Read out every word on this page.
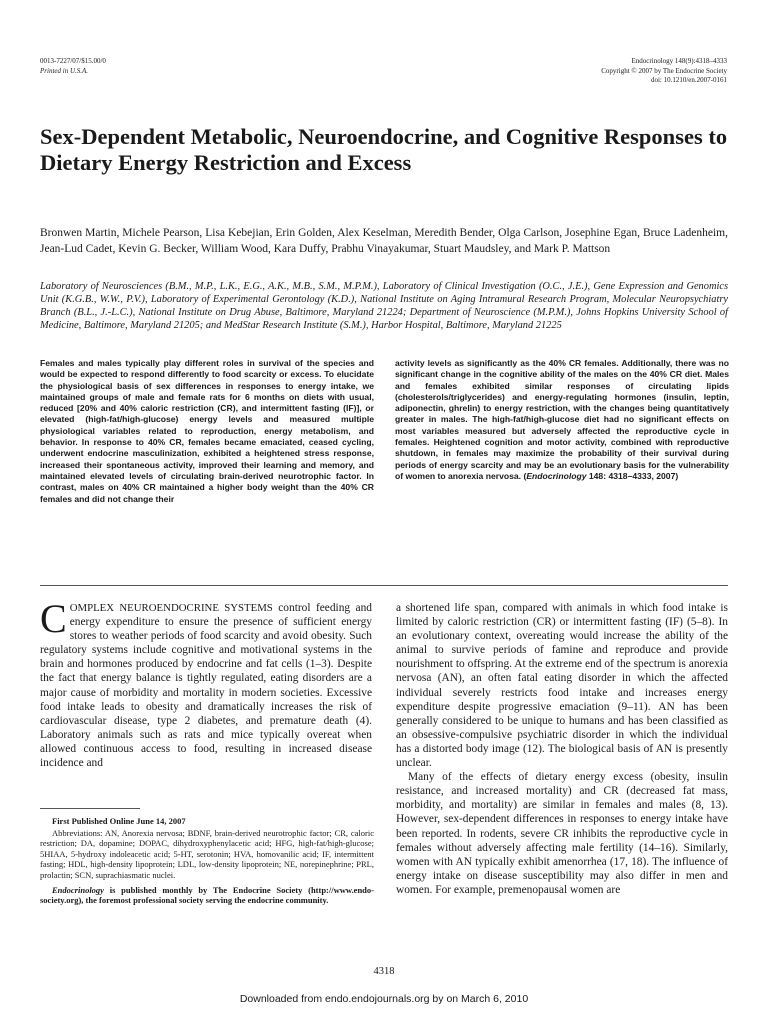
0013-7227/07/$15.00/0
Printed in U.S.A.
Endocrinology 148(9):4318–4333
Copyright © 2007 by The Endocrine Society
doi: 10.1210/en.2007-0161
Sex-Dependent Metabolic, Neuroendocrine, and Cognitive Responses to Dietary Energy Restriction and Excess
Bronwen Martin, Michele Pearson, Lisa Kebejian, Erin Golden, Alex Keselman, Meredith Bender, Olga Carlson, Josephine Egan, Bruce Ladenheim, Jean-Lud Cadet, Kevin G. Becker, William Wood, Kara Duffy, Prabhu Vinayakumar, Stuart Maudsley, and Mark P. Mattson
Laboratory of Neurosciences (B.M., M.P., L.K., E.G., A.K., M.B., S.M., M.P.M.), Laboratory of Clinical Investigation (O.C., J.E.), Gene Expression and Genomics Unit (K.G.B., W.W., P.V.), Laboratory of Experimental Gerontology (K.D.), National Institute on Aging Intramural Research Program, Molecular Neuropsychiatry Branch (B.L., J.-L.C.), National Institute on Drug Abuse, Baltimore, Maryland 21224; Department of Neuroscience (M.P.M.), Johns Hopkins University School of Medicine, Baltimore, Maryland 21205; and MedStar Research Institute (S.M.), Harbor Hospital, Baltimore, Maryland 21225
Females and males typically play different roles in survival of the species and would be expected to respond differently to food scarcity or excess. To elucidate the physiological basis of sex differences in responses to energy intake, we maintained groups of male and female rats for 6 months on diets with usual, reduced [20% and 40% caloric restriction (CR), and intermittent fasting (IF)], or elevated (high-fat/high-glucose) energy levels and measured multiple physiological variables related to reproduction, energy metabolism, and behavior. In response to 40% CR, females became emaciated, ceased cycling, underwent endocrine masculinization, exhibited a heightened stress response, increased their spontaneous activity, improved their learning and memory, and maintained elevated levels of circulating brain-derived neurotrophic factor. In contrast, males on 40% CR maintained a higher body weight than the 40% CR females and did not change their
activity levels as significantly as the 40% CR females. Additionally, there was no significant change in the cognitive ability of the males on the 40% CR diet. Males and females exhibited similar responses of circulating lipids (cholesterols/triglycerides) and energy-regulating hormones (insulin, leptin, adiponectin, ghrelin) to energy restriction, with the changes being quantitatively greater in males. The high-fat/high-glucose diet had no significant effects on most variables measured but adversely affected the reproductive cycle in females. Heightened cognition and motor activity, combined with reproductive shutdown, in females may maximize the probability of their survival during periods of energy scarcity and may be an evolutionary basis for the vulnerability of women to anorexia nervosa. (Endocrinology 148: 4318–4333, 2007)

COMPLEX NEUROENDOCRINE SYSTEMS control feeding and energy expenditure to ensure the presence of sufficient energy stores to weather periods of food scarcity and avoid obesity. Such regulatory systems include cognitive and motivational systems in the brain and hormones produced by endocrine and fat cells (1–3). Despite the fact that energy balance is tightly regulated, eating disorders are a major cause of morbidity and mortality in modern societies. Excessive food intake leads to obesity and dramatically increases the risk of cardiovascular disease, type 2 diabetes, and premature death (4). Laboratory animals such as rats and mice typically overeat when allowed continuous access to food, resulting in increased disease incidence and

a shortened life span, compared with animals in which food intake is limited by caloric restriction (CR) or intermittent fasting (IF) (5–8). In an evolutionary context, overeating would increase the ability of the animal to survive periods of famine and reproduce and provide nourishment to offspring. At the extreme end of the spectrum is anorexia nervosa (AN), an often fatal eating disorder in which the affected individual severely restricts food intake and increases energy expenditure despite progressive emaciation (9–11). AN has been generally considered to be unique to humans and has been classified as an obsessive-compulsive psychiatric disorder in which the individual has a distorted body image (12). The biological basis of AN is presently unclear.

Many of the effects of dietary energy excess (obesity, insulin resistance, and increased mortality) and CR (decreased fat mass, morbidity, and mortality) are similar in females and males (8, 13). However, sex-dependent differences in responses to energy intake have been reported. In rodents, severe CR inhibits the reproductive cycle in females without adversely affecting male fertility (14–16). Similarly, women with AN typically exhibit amenorrhea (17, 18). The influence of energy intake on disease susceptibility may also differ in men and women. For example, premenopausal women are

First Published Online June 14, 2007

Abbreviations: AN, Anorexia nervosa; BDNF, brain-derived neurotrophic factor; CR, caloric restriction; DA, dopamine; DOPAC, dihydroxyphenylacetic acid; HFG, high-fat/high-glucose; 5HIAA, 5-hydroxy indoleacetic acid; 5-HT, serotonin; HVA, homovanilic acid; IF, intermittent fasting; HDL, high-density lipoprotein; LDL, low-density lipoprotein; NE, norepinephrine; PRL, prolactin; SCN, suprachiasmatic nuclei.

Endocrinology is published monthly by The Endocrine Society (http://www.endo-society.org), the foremost professional society serving the endocrine community.

4318
Downloaded from endo.endojournals.org by on March 6, 2010
